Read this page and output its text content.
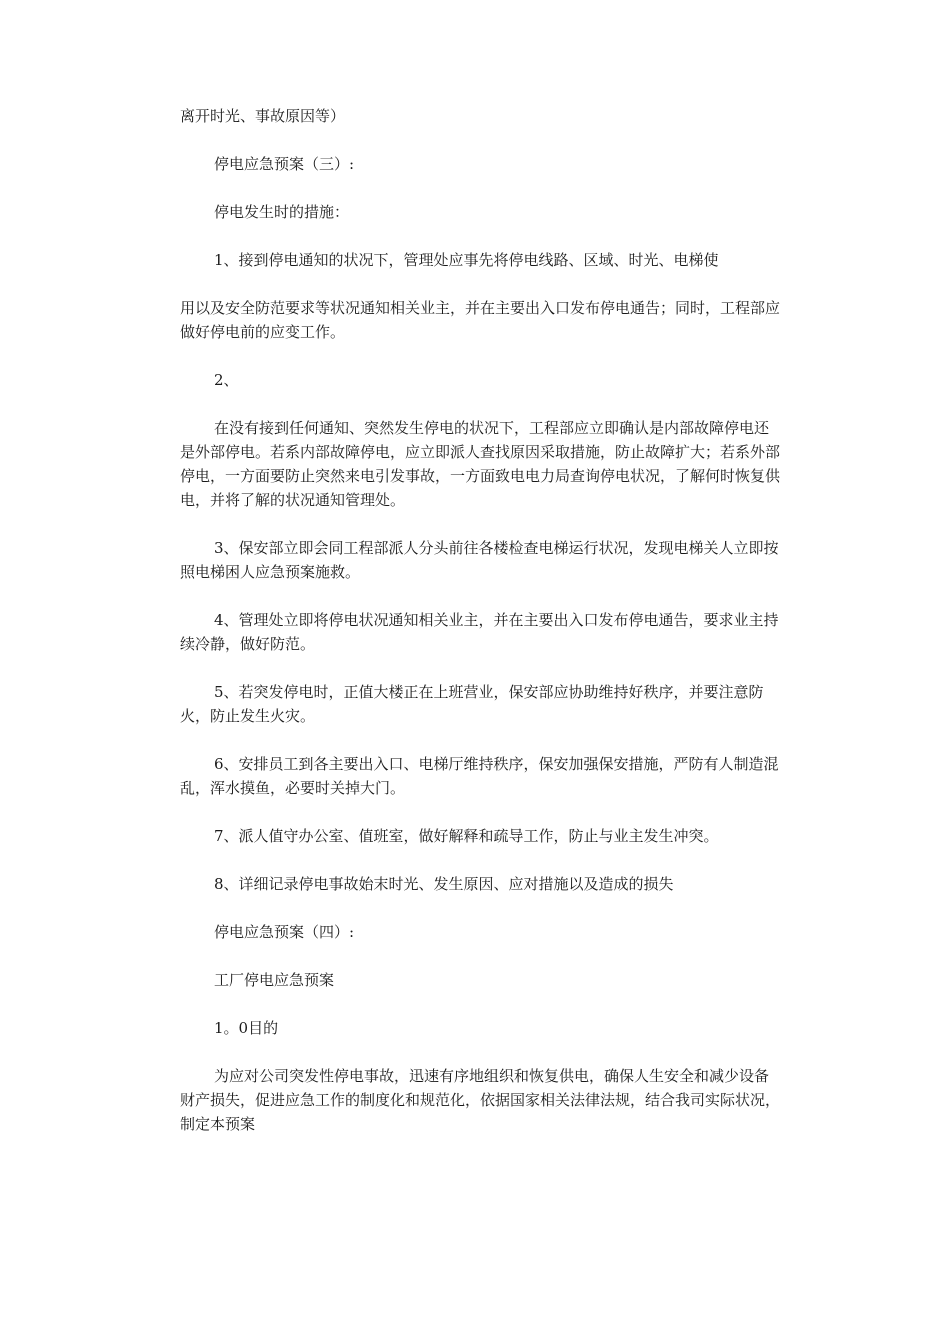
离开时光、事故原因等）

停电应急预案（三）:

停电发生时的措施：

1、接到停电通知的状况下，管理处应事先将停电线路、区域、时光、电梯使

用以及安全防范要求等状况通知相关业主，并在主要出入口发布停电通告；同时，工程部应做好停电前的应变工作。

2、

在没有接到任何通知、突然发生停电的状况下，工程部应立即确认是内部故障停电还是外部停电。若系内部故障停电，应立即派人查找原因采取措施，防止故障扩大；若系外部停电，一方面要防止突然来电引发事故，一方面致电电力局查询停电状况，了解何时恢复供电，并将了解的状况通知管理处。

3、保安部立即会同工程部派人分头前往各楼检查电梯运行状况，发现电梯关人立即按照电梯困人应急预案施救。

4、管理处立即将停电状况通知相关业主，并在主要出入口发布停电通告，要求业主持续冷静，做好防范。

5、若突发停电时，正值大楼正在上班营业，保安部应协助维持好秩序，并要注意防火，防止发生火灾。

6、安排员工到各主要出入口、电梯厅维持秩序，保安加强保安措施，严防有人制造混乱，浑水摸鱼，必要时关掉大门。

7、派人值守办公室、值班室，做好解释和疏导工作，防止与业主发生冲突。

8、详细记录停电事故始末时光、发生原因、应对措施以及造成的损失

停电应急预案（四）:

工厂停电应急预案

1。0目的

为应对公司突发性停电事故，迅速有序地组织和恢复供电，确保人生安全和减少设备财产损失，促进应急工作的制度化和规范化，依据国家相关法律法规，结合我司实际状况，制定本预案
